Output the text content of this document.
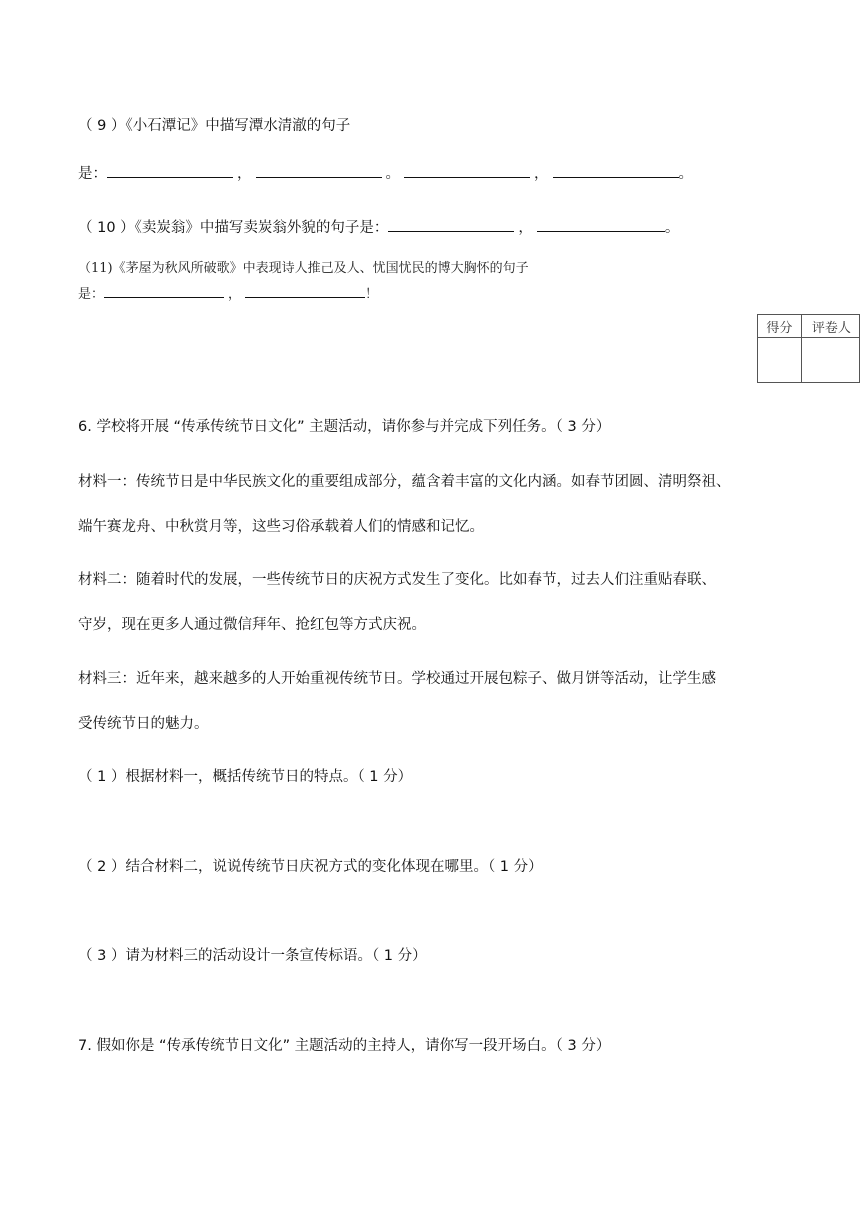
（ 9 ）《小石潭记》中描写潭水清澈的句子
是：	，	。	，	。
（ 10 ）《卖炭翁》中描写卖炭翁外貌的句子是：	，	。
（11)《茅屋为秋风所破歌》中表现诗人推己及人、忧国忧民的博大胸怀的句子
是：	，	！
得分	评卷人

6. 学校将开展 “传承传统节日文化” 主题活动，请你参与并完成下列任务。（ 3 分）
材料一：传统节日是中华民族文化的重要组成部分，蕴含着丰富的文化内涵。如春节团圆、清明祭祖、
端午赛龙舟、中秋赏月等，这些习俗承载着人们的情感和记忆。
材料二：随着时代的发展，一些传统节日的庆祝方式发生了变化。比如春节，过去人们注重贴春联、
守岁，现在更多人通过微信拜年、抢红包等方式庆祝。
材料三：近年来，越来越多的人开始重视传统节日。学校通过开展包粽子、做月饼等活动，让学生感
受传统节日的魅力。
（ 1 ）根据材料一，概括传统节日的特点。（ 1 分）
（ 2 ）结合材料二，说说传统节日庆祝方式的变化体现在哪里。（ 1 分）
（ 3 ）请为材料三的活动设计一条宣传标语。（ 1 分）
7. 假如你是 “传承传统节日文化” 主题活动的主持人，请你写一段开场白。（ 3 分）
